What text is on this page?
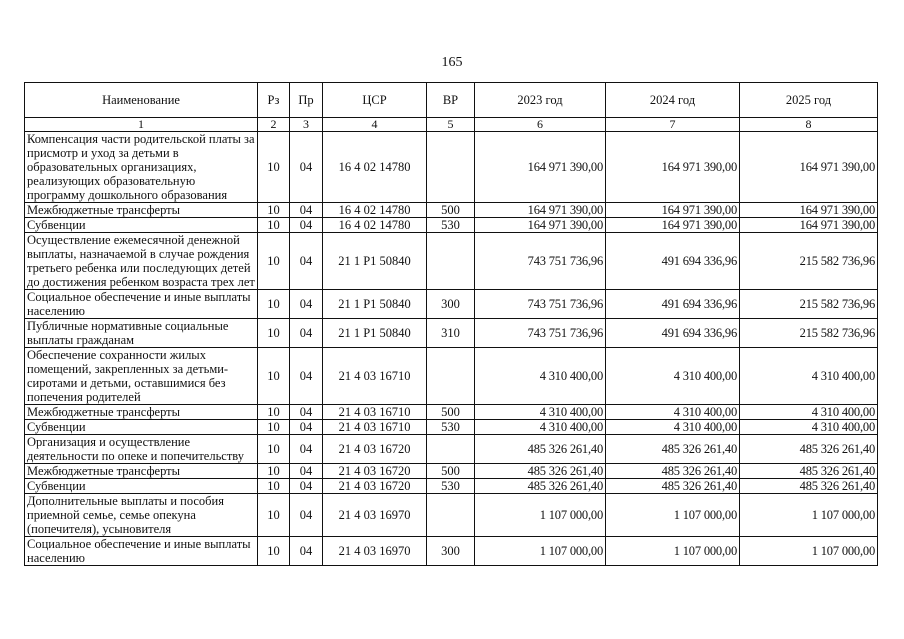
165
Наименование	Рз	Пр	ЦСР	ВР	2023 год	2024 год	2025 год
1	2	3	4	5	6	7	8
Компенсация части родительской платы за присмотр и уход за детьми в образовательных организациях, реализующих образовательную программу дошкольного образования	10	04	16 4 02 14780		164 971 390,00	164 971 390,00	164 971 390,00
Межбюджетные трансферты	10	04	16 4 02 14780	500	164 971 390,00	164 971 390,00	164 971 390,00
Субвенции	10	04	16 4 02 14780	530	164 971 390,00	164 971 390,00	164 971 390,00
Осуществление ежемесячной денежной выплаты, назначаемой в случае рождения третьего ребенка или последующих детей до достижения ребенком возраста трех лет	10	04	21 1 P1 50840		743 751 736,96	491 694 336,96	215 582 736,96
Социальное обеспечение и иные выплаты населению	10	04	21 1 P1 50840	300	743 751 736,96	491 694 336,96	215 582 736,96
Публичные нормативные социальные выплаты гражданам	10	04	21 1 P1 50840	310	743 751 736,96	491 694 336,96	215 582 736,96
Обеспечение сохранности жилых помещений, закрепленных за детьми-сиротами и детьми, оставшимися без попечения родителей	10	04	21 4 03 16710		4 310 400,00	4 310 400,00	4 310 400,00
Межбюджетные трансферты	10	04	21 4 03 16710	500	4 310 400,00	4 310 400,00	4 310 400,00
Субвенции	10	04	21 4 03 16710	530	4 310 400,00	4 310 400,00	4 310 400,00
Организация и осуществление деятельности по опеке и попечительству	10	04	21 4 03 16720		485 326 261,40	485 326 261,40	485 326 261,40
Межбюджетные трансферты	10	04	21 4 03 16720	500	485 326 261,40	485 326 261,40	485 326 261,40
Субвенции	10	04	21 4 03 16720	530	485 326 261,40	485 326 261,40	485 326 261,40
Дополнительные выплаты и пособия приемной семье, семье опекуна (попечителя), усыновителя	10	04	21 4 03 16970		1 107 000,00	1 107 000,00	1 107 000,00
Социальное обеспечение и иные выплаты населению	10	04	21 4 03 16970	300	1 107 000,00	1 107 000,00	1 107 000,00
